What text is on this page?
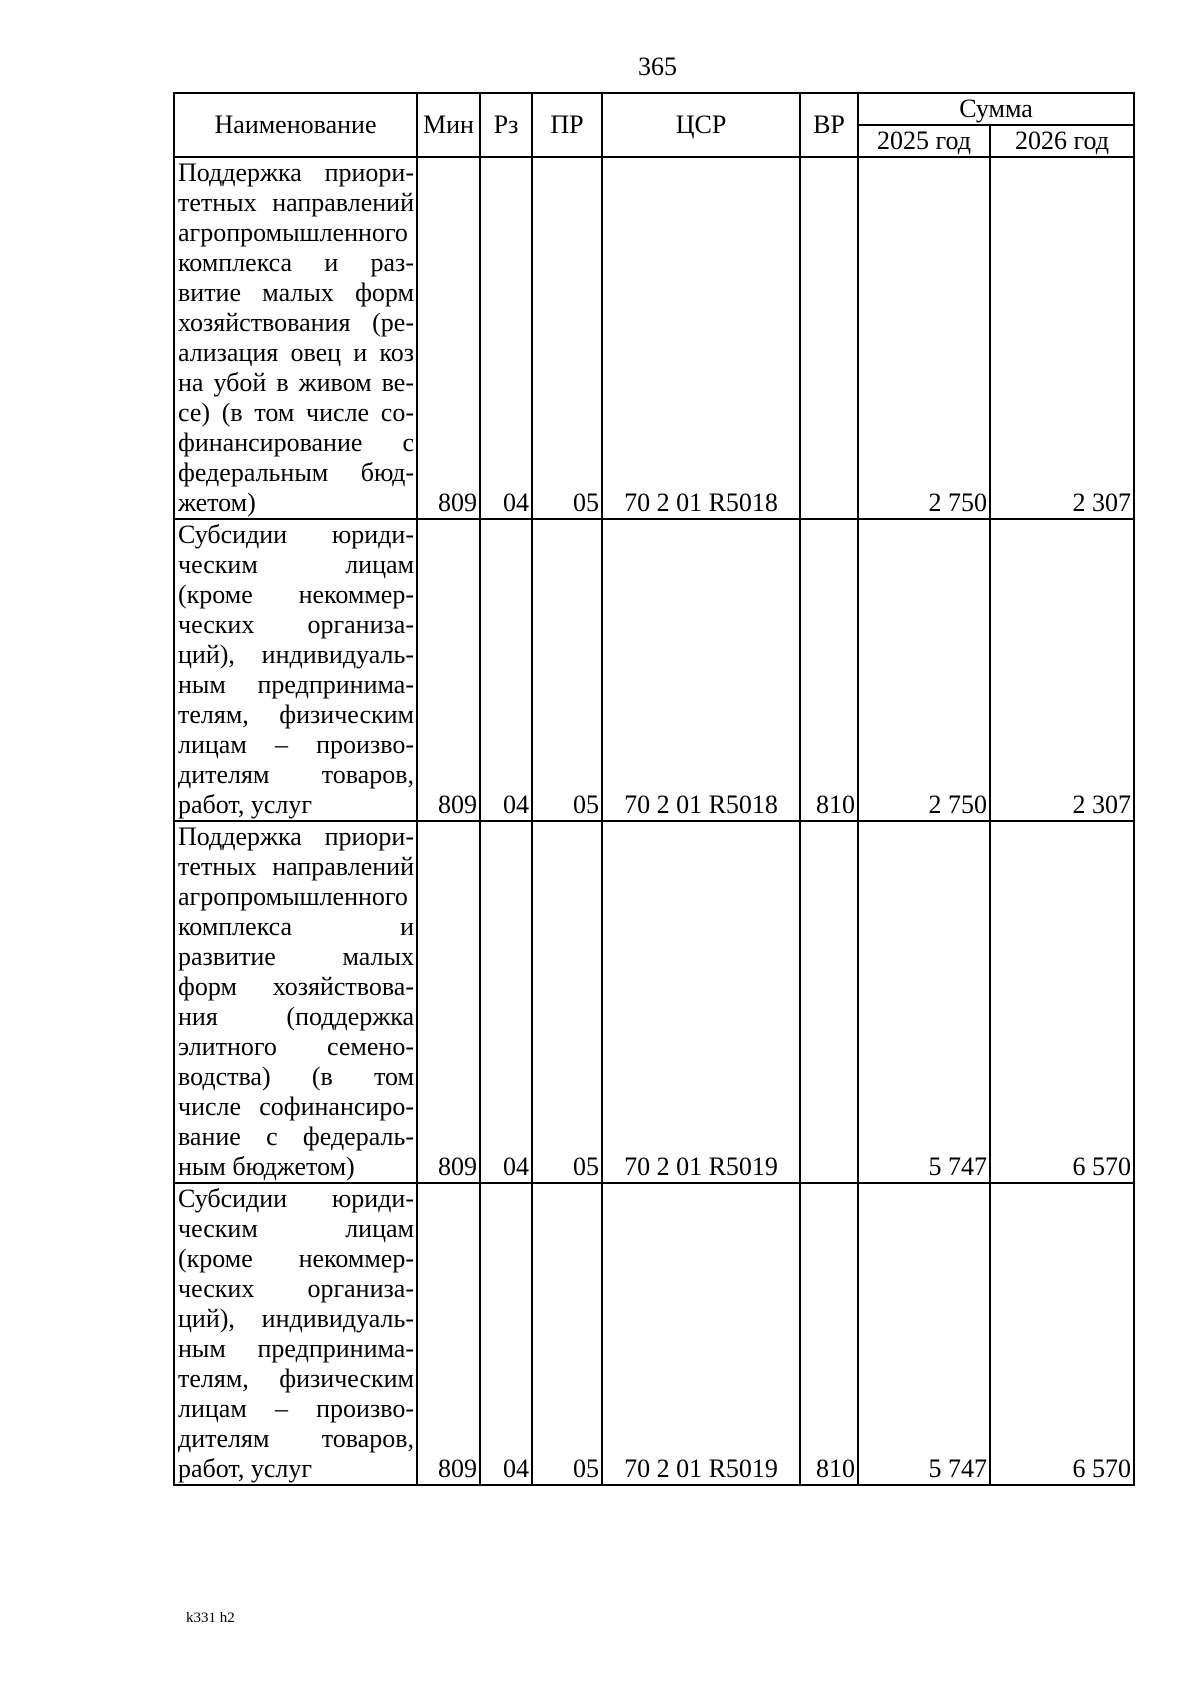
365
Наименование	Мин	Рз	ПР	ЦСР	ВР	Сумма	
						2025 год	2026 год
Поддержка приоритетных направлений агропромышленного комплекса и развитие малых форм хозяйствования (реализация овец и коз на убой в живом весе) (в том числе софинансирование с федеральным бюджетом)	809	04	05	70 2 01 R5018		2 750	2 307
Субсидии юридическим лицам (кроме некоммерческих организаций), индивидуальным предпринимателям, физическим лицам – производителям товаров, работ, услуг	809	04	05	70 2 01 R5018	810	2 750	2 307
Поддержка приоритетных направлений агропромышленного комплекса и развитие малых форм хозяйствования (поддержка элитного семеноводства) (в том числе софинансирование с федеральным бюджетом)	809	04	05	70 2 01 R5019		5 747	6 570
Субсидии юридическим лицам (кроме некоммерческих организаций), индивидуальным предпринимателям, физическим лицам – производителям товаров, работ, услуг	809	04	05	70 2 01 R5019	810	5 747	6 570
k331 h2
